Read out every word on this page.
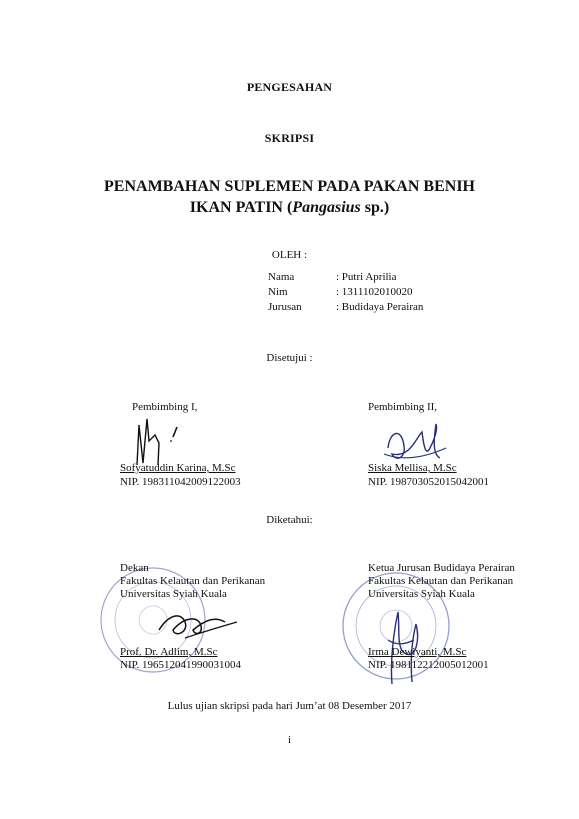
PENGESAHAN
SKRIPSI
PENAMBAHAN SUPLEMEN PADA PAKAN BENIH
IKAN PATIN (Pangasius sp.)
OLEH :
Nama
Nim
Jurusan
: Putri Aprilia
: 1311102010020
: Budidaya Perairan
Disetujui :
Pembimbing I,
Sofyatuddin Karina, M.Sc
NIP. 198311042009122003
Pembimbing II,
Siska Mellisa, M.Sc
NIP. 198703052015042001
Diketahui:
Dekan
Fakultas Kelautan dan Perikanan
Universitas Syiah Kuala
Prof. Dr. Adlim, M.Sc
NIP. 196512041990031004
Ketua Jurusan Budidaya Perairan
Fakultas Kelautan dan Perikanan
Universitas Syiah Kuala
Irma Dewiyanti, M.Sc
NIP. 198112212005012001
Lulus ujian skripsi pada hari Jum’at 08 Desember 2017
i
